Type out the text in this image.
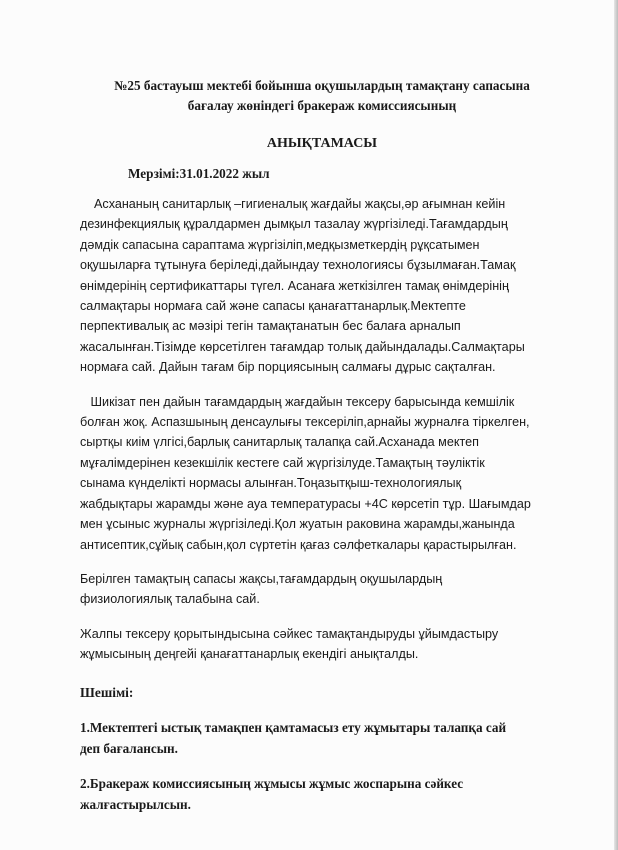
№25 бастауыш мектебі бойынша оқушылардың тамақтану сапасына
бағалау жөніндегі бракераж комиссиясының

АНЫҚТАМАСЫ

Мерзімі:31.01.2022 жыл

Асхананың санитарлық –гигиеналық жағдайы жақсы,әр ағымнан кейін
дезинфекциялық құралдармен дымқыл тазалау жүргізіледі.Тағамдардың
дәмдік сапасына сараптама жүргізіліп,медқызметкердің рұқсатымен
оқушыларға тұтынуға беріледі,дайындау технологиясы бұзылмаған.Тамақ
өнімдерінің сертификаттары түгел. Асанаға жеткізілген тамақ өнімдерінің
салмақтары нормаға сай және сапасы қанағаттанарлық.Мектепте
перпективалық ас мәзірі тегін тамақтанатын бес балаға арналып
жасалынған.Тізімде көрсетілген тағамдар толық дайындалады.Салмақтары
нормаға сай. Дайын тағам бір порциясының салмағы дұрыс сақталған.

Шикізат пен дайын тағамдардың жағдайын тексеру барысында кемшілік
болған жоқ. Аспазшының денсаулығы тексеріліп,арнайы журналға тіркелген,
сыртқы киім үлгісі,барлық санитарлық талапқа сай.Асханада мектеп
мұғалімдерінен кезекшілік кестеге сай жүргізілуде.Тамақтың тәуліктік
сынама күнделікті нормасы алынған.Тоңазытқыш-технологиялық
жабдықтары жарамды және ауа температурасы +4С көрсетіп тұр. Шағымдар
мен ұсыныс журналы жүргізіледі.Қол жуатын раковина жарамды,жанында
антисептик,сұйық сабын,қол сүртетін қағаз сәлфеткалары қарастырылған.

Берілген тамақтың сапасы жақсы,тағамдардың оқушылардың
физиологиялық талабына сай.

Жалпы тексеру қорытындысына сәйкес тамақтандыруды ұйымдастыру
жұмысының деңгейі қанағаттанарлық екендігі анықталды.

Шешімі:

1.Мектептегі ыстық тамақпен қамтамасыз ету жұмытары талапқа сай
деп бағалансын.

2.Бракераж комиссиясының жұмысы жұмыс жоспарына сәйкес
жалғастырылсын.
